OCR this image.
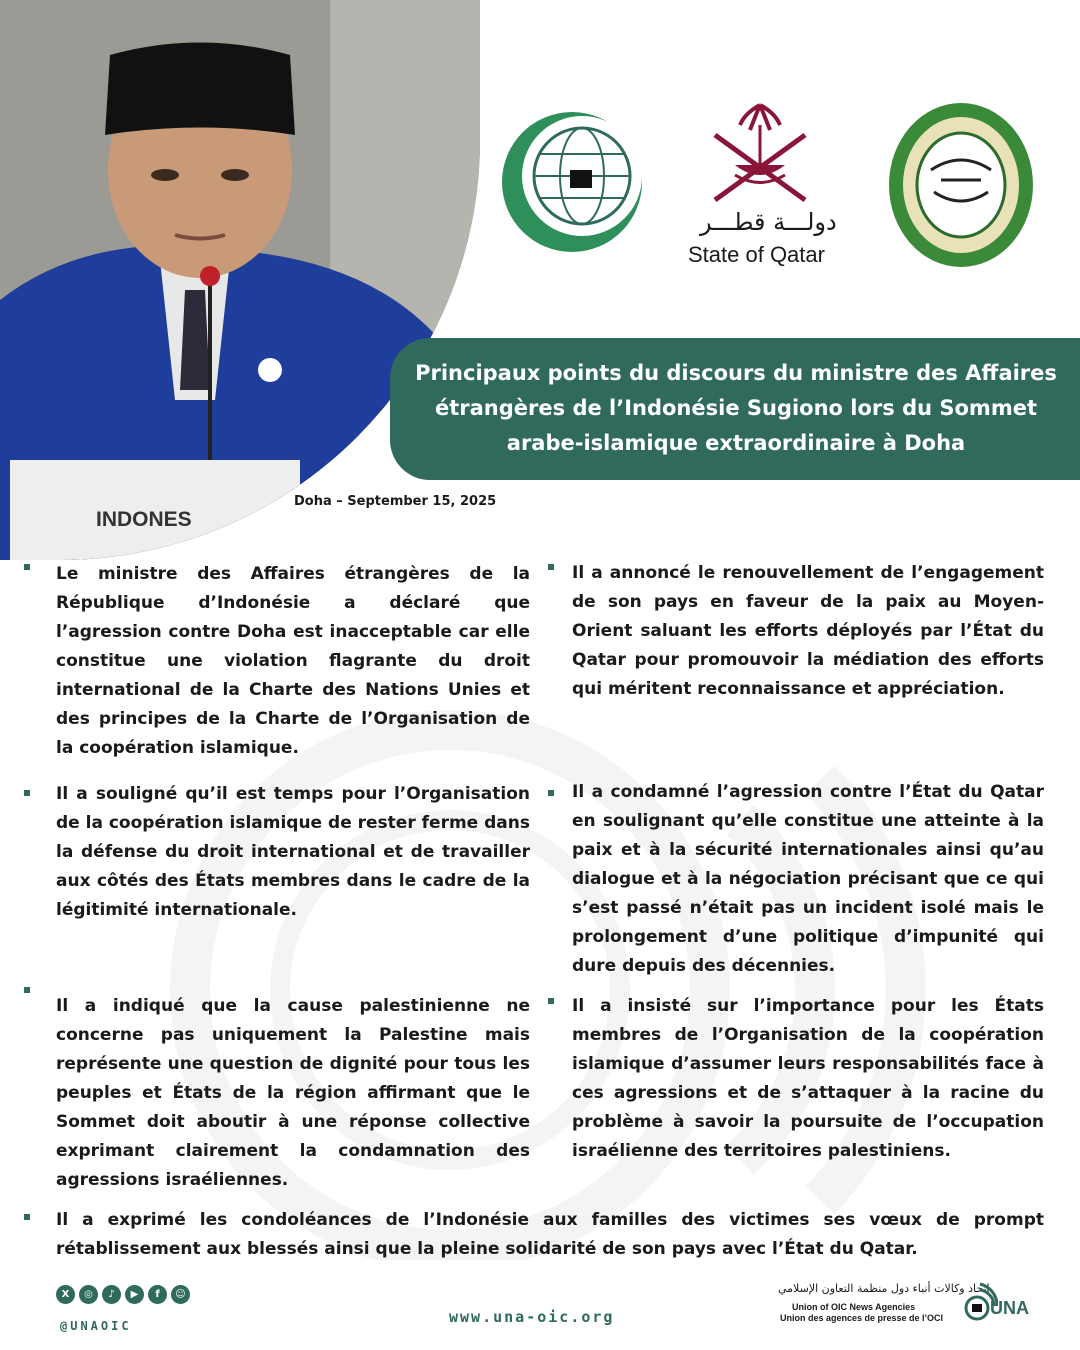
INDONES
دولـــة قطـــر
State of Qatar
Principaux points du discours du ministre des Affaires étrangères de l’Indonésie Sugiono lors du Sommet arabe-islamique extraordinaire à Doha
Doha – September 15, 2025
Le ministre des Affaires étrangères de la République d’Indonésie a déclaré que l’agression contre Doha est inacceptable car elle constitue une violation flagrante du droit international de la Charte des Nations Unies et des principes de la Charte de l’Organisation de la coopération islamique.
Il a annoncé le renouvellement de l’engagement de son pays en faveur de la paix au Moyen-Orient saluant les efforts déployés par l’État du Qatar pour promouvoir la médiation des efforts qui méritent reconnaissance et appréciation.
Il a souligné qu’il est temps pour l’Organisation de la coopération islamique de rester ferme dans la défense du droit international et de travailler aux côtés des États membres dans le cadre de la légitimité internationale.
Il a condamné l’agression contre l’État du Qatar en soulignant qu’elle constitue une atteinte à la paix et à la sécurité internationales ainsi qu’au dialogue et à la négociation précisant que ce qui s’est passé n’était pas un incident isolé mais le prolongement d’une politique d’impunité qui dure depuis des décennies.
Il a indiqué que la cause palestinienne ne concerne pas uniquement la Palestine mais représente une question de dignité pour tous les peuples et États de la région affirmant que le Sommet doit aboutir à une réponse collective exprimant clairement la condamnation des agressions israéliennes.
Il a insisté sur l’importance pour les États membres de l’Organisation de la coopération islamique d’assumer leurs responsabilités face à ces agressions et de s’attaquer à la racine du problème à savoir la poursuite de l’occupation israélienne des territoires palestiniens.
Il a exprimé les condoléances de l’Indonésie aux familles des victimes ses vœux de prompt rétablissement aux blessés ainsi que la pleine solidarité de son pays avec l’État du Qatar.
X	◎	♪	▶	f	☺
@UNAOIC	www.una-oic.org
اتحاد وكالات أنباء دول منظمة التعاون الإسلامي
Union of OIC News Agencies
Union des agences de presse de l’OCI	UNA
